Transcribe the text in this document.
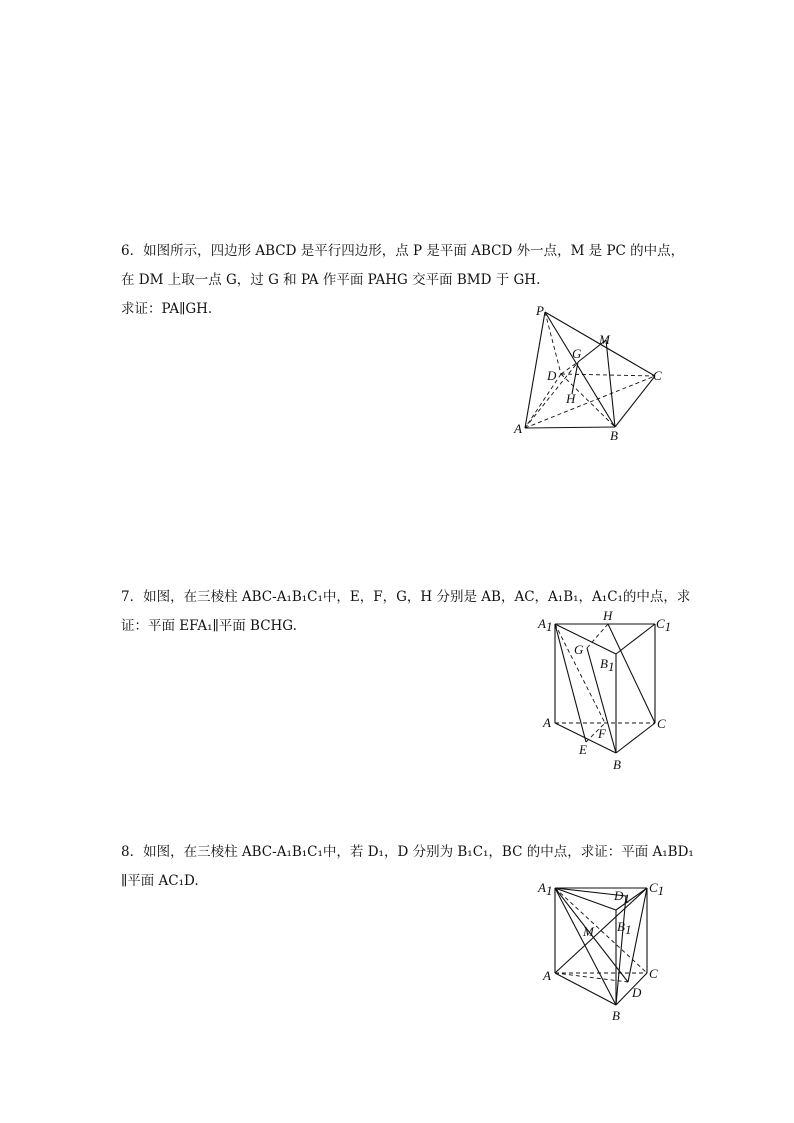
6．如图所示，四边形 ABCD 是平行四边形，点 P 是平面 ABCD 外一点，M 是 PC 的中点，
在 DM 上取一点 G，过 G 和 PA 作平面 PAHG 交平面 BMD 于 GH.
求证：PA∥GH.	P
M
G
D	C
H
A	B
7．如图，在三棱柱 ABC-A₁B₁C₁中，E，F，G，H 分别是 AB，AC，A₁B₁，A₁C₁的中点，求
证：平面 EFA₁∥平面 BCHG.	A1
H
C1
G
B1
A	C
F
E
B
8．如图，在三棱柱 ABC-A₁B₁C₁中，若 D₁，D 分别为 B₁C₁，BC 的中点，求证：平面 A₁BD₁
∥平面 AC₁D.	A1	D1
C1
M B1
A	C
D
B
